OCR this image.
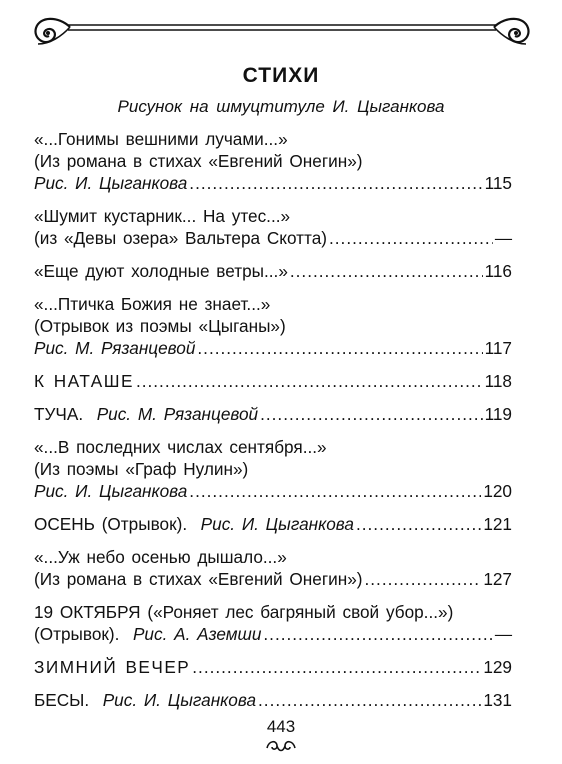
СТИХИ
Рисунок на шмуцтитуле И. Цыганкова
«...Гонимы вешними лучами...»
(Из романа в стихах «Евгений Онегин»)
Рис. И. Цыганкова .....	115
«Шумит кустарник... На утес...»
(из «Девы озера» Вальтера Скотта) .....	—
«Еще дуют холодные ветры...» .....	116
«...Птичка Божия не знает...»
(Отрывок из поэмы «Цыганы»)
Рис. М. Рязанцевой .....	117
К НАТАШЕ .....	118
ТУЧА. Рис. М. Рязанцевой .....	119
«...В последних числах сентября...»
(Из поэмы «Граф Нулин»)
Рис. И. Цыганкова .....	120
ОСЕНЬ (Отрывок). Рис. И. Цыганкова .....	121
«...Уж небо осенью дышало...»
(Из романа в стихах «Евгений Онегин») .....	127
19 ОКТЯБРЯ («Роняет лес багряный свой убор...»)
(Отрывок). Рис. А. Аземши .....	—
ЗИМНИЙ ВЕЧЕР .....	129
БЕСЫ. Рис. И. Цыганкова .....	131
443
